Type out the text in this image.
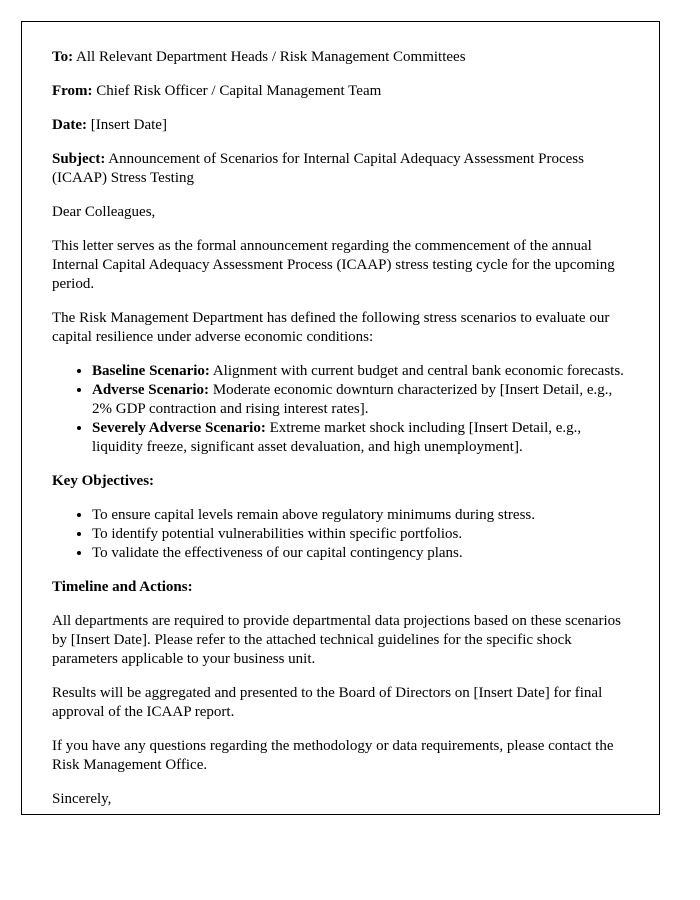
To: All Relevant Department Heads / Risk Management Committees

From: Chief Risk Officer / Capital Management Team

Date: [Insert Date]

Subject: Announcement of Scenarios for Internal Capital Adequacy Assessment Process (ICAAP) Stress Testing

Dear Colleagues,

This letter serves as the formal announcement regarding the commencement of the annual Internal Capital Adequacy Assessment Process (ICAAP) stress testing cycle for the upcoming period.

The Risk Management Department has defined the following stress scenarios to evaluate our capital resilience under adverse economic conditions:

• Baseline Scenario: Alignment with current budget and central bank economic forecasts.
• Adverse Scenario: Moderate economic downturn characterized by [Insert Detail, e.g., 2% GDP contraction and rising interest rates].
• Severely Adverse Scenario: Extreme market shock including [Insert Detail, e.g., liquidity freeze, significant asset devaluation, and high unemployment].

Key Objectives:

• To ensure capital levels remain above regulatory minimums during stress.
• To identify potential vulnerabilities within specific portfolios.
• To validate the effectiveness of our capital contingency plans.

Timeline and Actions:

All departments are required to provide departmental data projections based on these scenarios by [Insert Date]. Please refer to the attached technical guidelines for the specific shock parameters applicable to your business unit.

Results will be aggregated and presented to the Board of Directors on [Insert Date] for final approval of the ICAAP report.

If you have any questions regarding the methodology or data requirements, please contact the Risk Management Office.

Sincerely,
